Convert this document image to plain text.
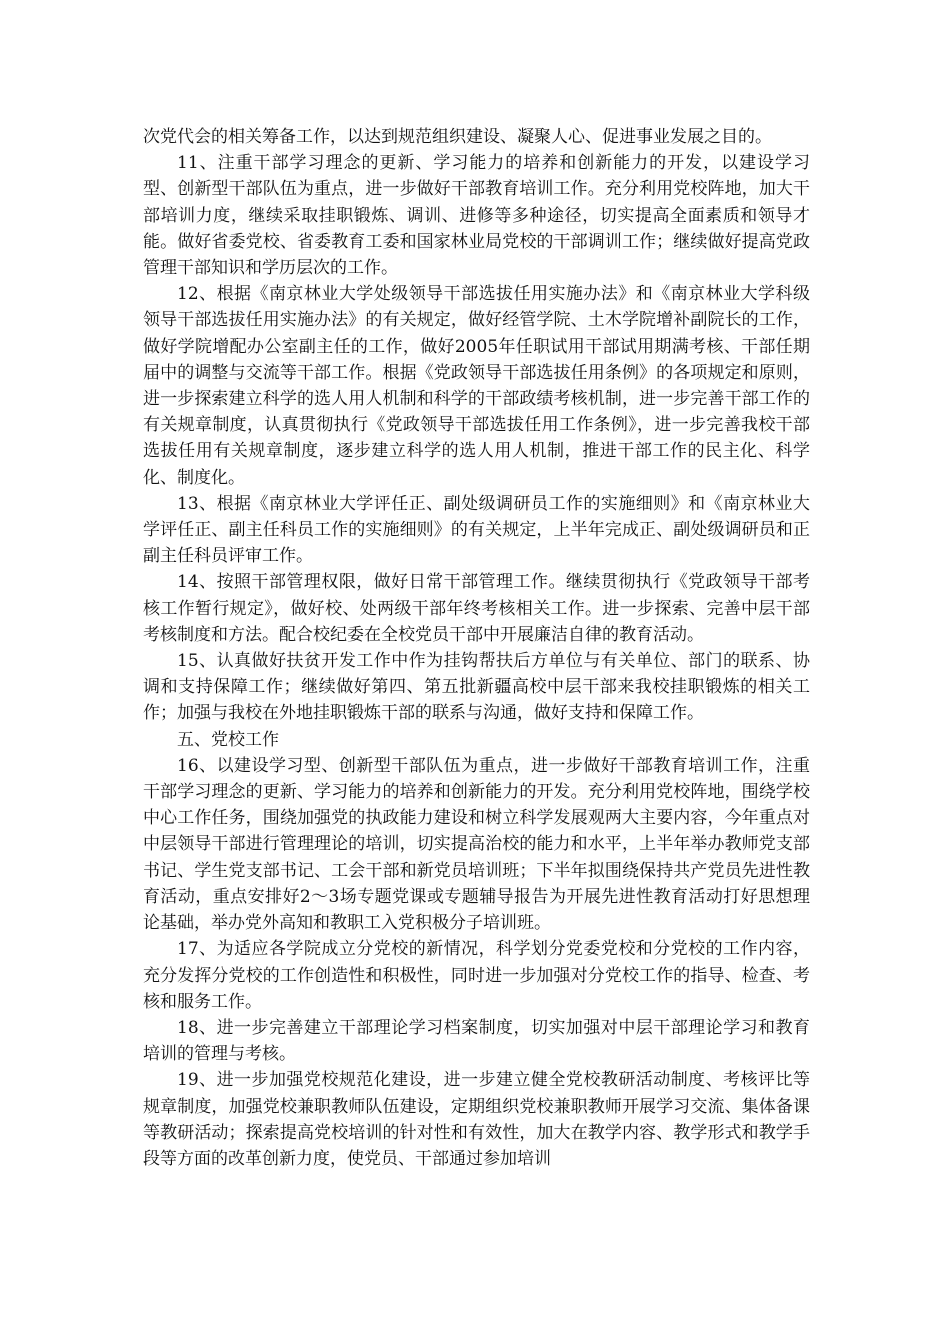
次党代会的相关筹备工作，以达到规范组织建设、凝聚人心、促进事业发展之目的。

11、注重干部学习理念的更新、学习能力的培养和创新能力的开发，以建设学习型、创新型干部队伍为重点，进一步做好干部教育培训工作。充分利用党校阵地，加大干部培训力度，继续采取挂职锻炼、调训、进修等多种途径，切实提高全面素质和领导才能。做好省委党校、省委教育工委和国家林业局党校的干部调训工作；继续做好提高党政管理干部知识和学历层次的工作。

12、根据《南京林业大学处级领导干部选拔任用实施办法》和《南京林业大学科级领导干部选拔任用实施办法》的有关规定，做好经管学院、土木学院增补副院长的工作，做好学院增配办公室副主任的工作，做好2005年任职试用干部试用期满考核、干部任期届中的调整与交流等干部工作。根据《党政领导干部选拔任用条例》的各项规定和原则，进一步探索建立科学的选人用人机制和科学的干部政绩考核机制，进一步完善干部工作的有关规章制度，认真贯彻执行《党政领导干部选拔任用工作条例》，进一步完善我校干部选拔任用有关规章制度，逐步建立科学的选人用人机制，推进干部工作的民主化、科学化、制度化。

13、根据《南京林业大学评任正、副处级调研员工作的实施细则》和《南京林业大学评任正、副主任科员工作的实施细则》的有关规定，上半年完成正、副处级调研员和正副主任科员评审工作。

14、按照干部管理权限，做好日常干部管理工作。继续贯彻执行《党政领导干部考核工作暂行规定》，做好校、处两级干部年终考核相关工作。进一步探索、完善中层干部考核制度和方法。配合校纪委在全校党员干部中开展廉洁自律的教育活动。

15、认真做好扶贫开发工作中作为挂钩帮扶后方单位与有关单位、部门的联系、协调和支持保障工作；继续做好第四、第五批新疆高校中层干部来我校挂职锻炼的相关工作；加强与我校在外地挂职锻炼干部的联系与沟通，做好支持和保障工作。

五、党校工作

16、以建设学习型、创新型干部队伍为重点，进一步做好干部教育培训工作，注重干部学习理念的更新、学习能力的培养和创新能力的开发。充分利用党校阵地，围绕学校中心工作任务，围绕加强党的执政能力建设和树立科学发展观两大主要内容，今年重点对中层领导干部进行管理理论的培训，切实提高治校的能力和水平，上半年举办教师党支部书记、学生党支部书记、工会干部和新党员培训班；下半年拟围绕保持共产党员先进性教育活动，重点安排好2～3场专题党课或专题辅导报告为开展先进性教育活动打好思想理论基础，举办党外高知和教职工入党积极分子培训班。

17、为适应各学院成立分党校的新情况，科学划分党委党校和分党校的工作内容，充分发挥分党校的工作创造性和积极性，同时进一步加强对分党校工作的指导、检查、考核和服务工作。

18、进一步完善建立干部理论学习档案制度，切实加强对中层干部理论学习和教育培训的管理与考核。

19、进一步加强党校规范化建设，进一步建立健全党校教研活动制度、考核评比等规章制度，加强党校兼职教师队伍建设，定期组织党校兼职教师开展学习交流、集体备课等教研活动；探索提高党校培训的针对性和有效性，加大在教学内容、教学形式和教学手段等方面的改革创新力度，使党员、干部通过参加培训
